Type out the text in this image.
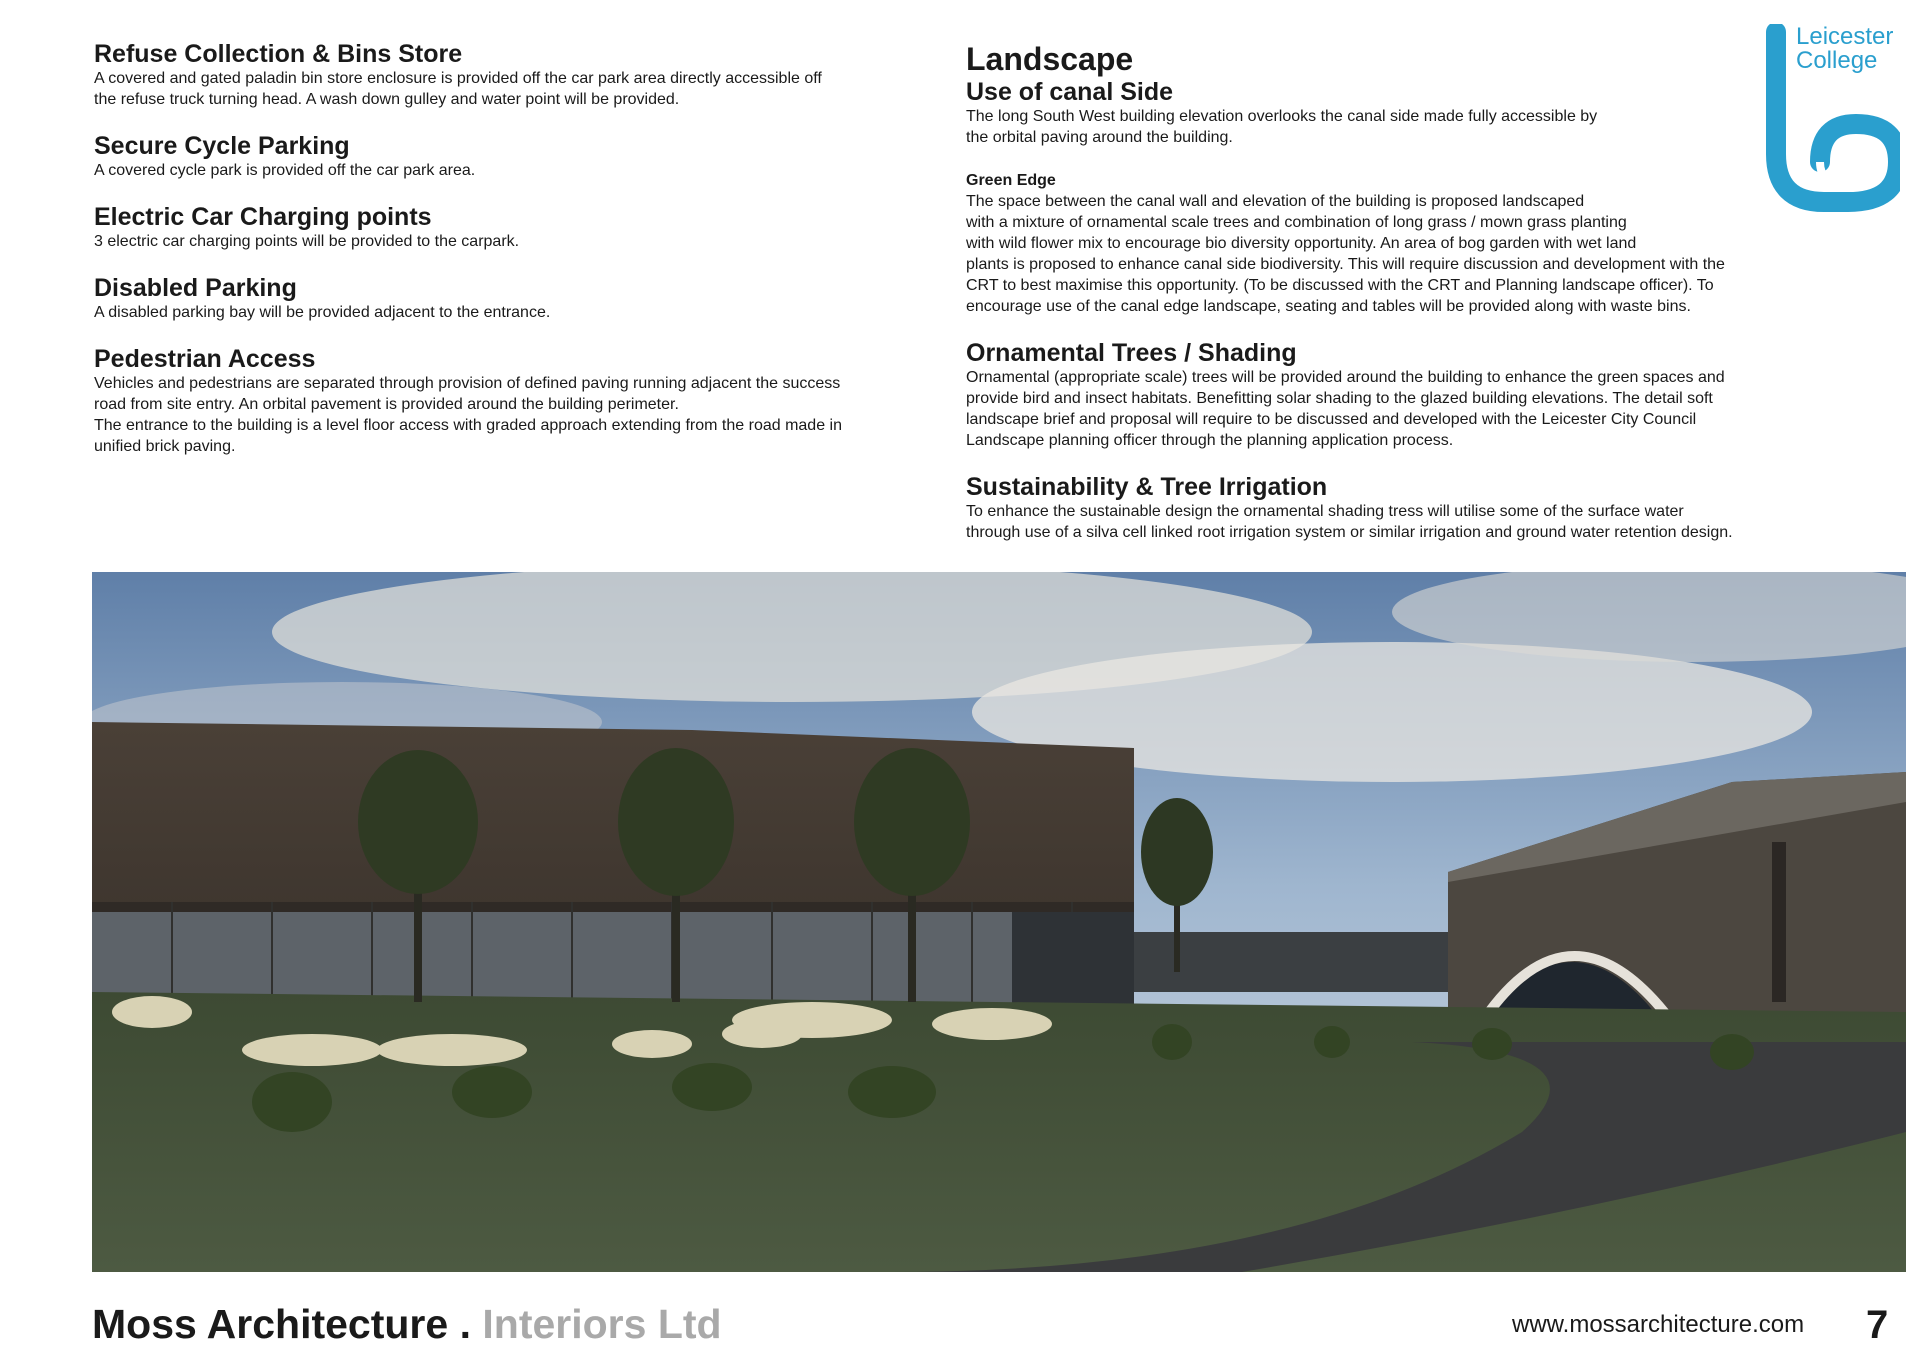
Refuse Collection & Bins Store
A covered and gated paladin bin store enclosure is provided off the car park area directly accessible off
the refuse truck turning head. A wash down gulley and water point will be provided.
Secure Cycle Parking
A covered cycle park is provided off the car park area.
Electric Car Charging points
3 electric car charging points will be provided to the carpark.
Disabled Parking
A disabled parking bay will be provided adjacent to the entrance.
Pedestrian Access
Vehicles and pedestrians are separated through provision of defined paving running adjacent the success
road from site entry. An orbital pavement is provided around the building perimeter.
The entrance to the building is a level floor access with graded approach extending from the road made in
unified brick paving.
Landscape
Use of canal Side
The long South West building elevation overlooks the canal side made fully accessible by
the orbital paving around the building.
Green Edge
The space between the canal wall and elevation of the building is proposed landscaped
with a mixture of ornamental scale trees and combination of long grass / mown grass planting
with wild flower mix to encourage bio diversity opportunity. An area of bog garden with wet land
plants is proposed to enhance canal side biodiversity. This will require discussion and development with the
CRT to best maximise this opportunity. (To be discussed with the CRT and Planning landscape officer). To
encourage use of the canal edge landscape, seating and tables will be provided along with waste bins.
Ornamental Trees / Shading
Ornamental (appropriate scale) trees will be provided around the building to enhance the green spaces and
provide bird and insect habitats. Benefitting solar shading to the glazed building elevations. The detail soft
landscape brief and proposal will require to be discussed and developed with the Leicester City Council
Landscape planning officer through the planning application process.
Sustainability & Tree Irrigation
To enhance the sustainable design the ornamental shading tress will utilise some of the surface water
through use of a silva cell linked root irrigation system or similar irrigation and ground water retention design.
Leicester
College
Moss Architecture . Interiors Ltd	www.mossarchitecture.com 7
